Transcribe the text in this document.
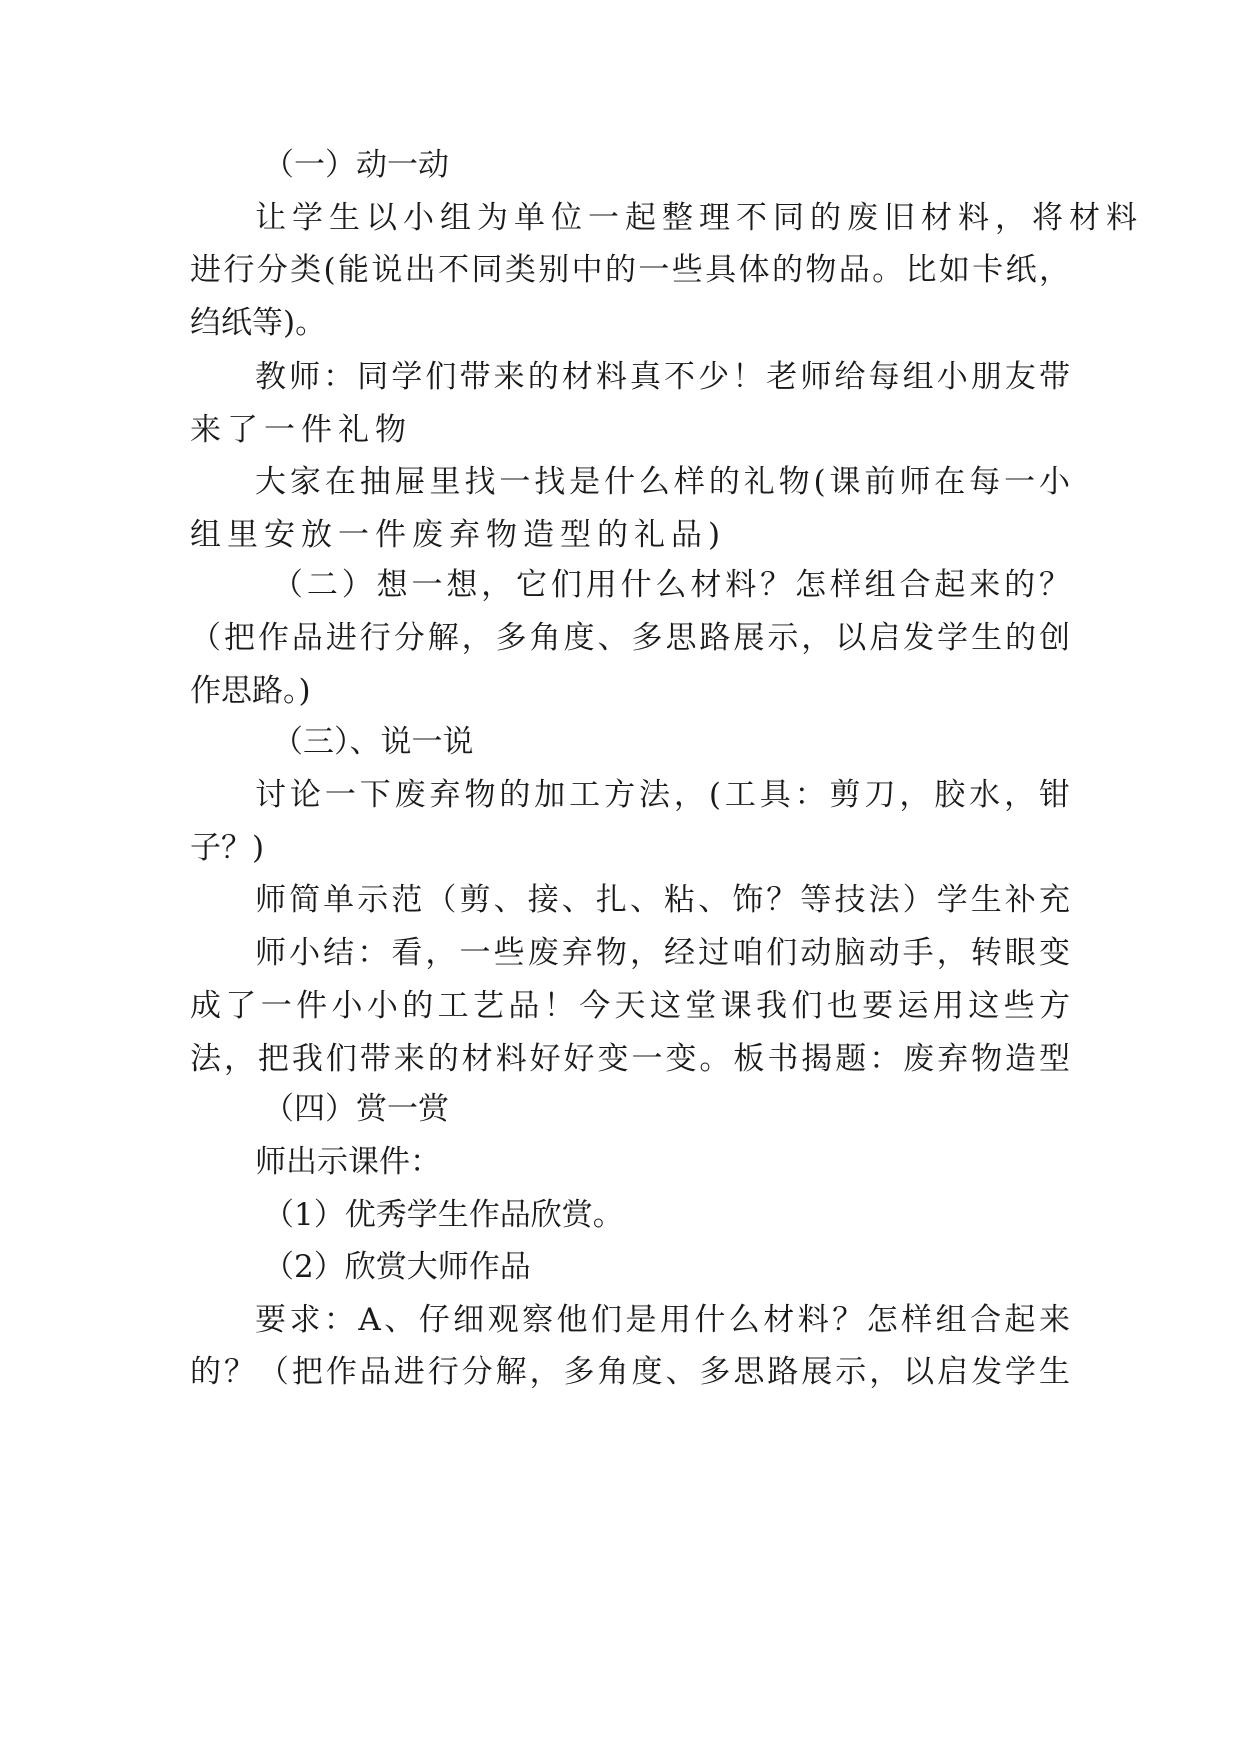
（一）动一动
让学生以小组为单位一起整理不同的废旧材料，将材料
进行分类(能说出不同类别中的一些具体的物品。比如卡纸，
绉纸等)。
教师：同学们带来的材料真不少！老师给每组小朋友带
来了一件礼物
大家在抽屉里找一找是什么样的礼物(课前师在每一小
组里安放一件废弃物造型的礼品)
（二）想一想，它们用什么材料？怎样组合起来的？
（把作品进行分解，多角度、多思路展示，以启发学生的创
作思路。)
（三）、说一说
讨论一下废弃物的加工方法，(工具：剪刀，胶水，钳
子？)
师简单示范（剪、接、扎、粘、饰？等技法）学生补充
师小结：看，一些废弃物，经过咱们动脑动手，转眼变
成了一件小小的工艺品！今天这堂课我们也要运用这些方
法，把我们带来的材料好好变一变。板书揭题：废弃物造型
（四）赏一赏
师出示课件：
（1）优秀学生作品欣赏。
（2）欣赏大师作品
要求：A、仔细观察他们是用什么材料？怎样组合起来
的？（把作品进行分解，多角度、多思路展示，以启发学生
